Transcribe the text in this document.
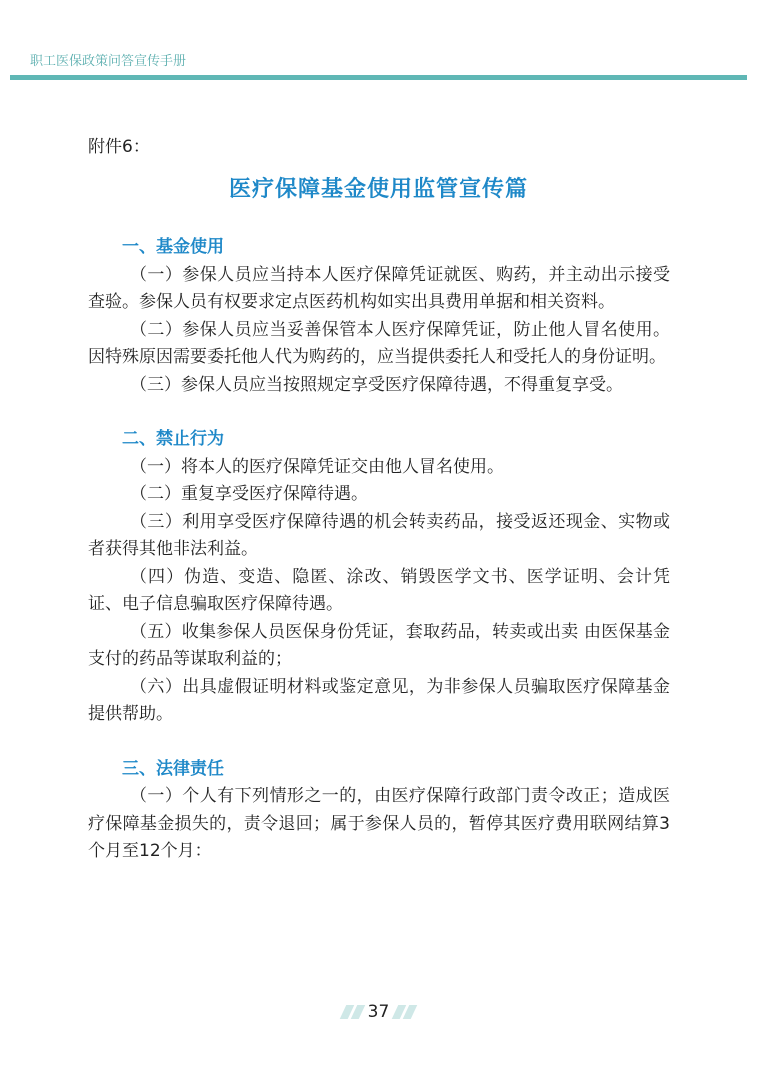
职工医保政策问答宣传手册
附件6：
医疗保障基金使用监管宣传篇

一、基金使用

（一）参保人员应当持本人医疗保障凭证就医、购药，并主动出示接受查验。参保人员有权要求定点医药机构如实出具费用单据和相关资料。

（二）参保人员应当妥善保管本人医疗保障凭证，防止他人冒名使用。因特殊原因需要委托他人代为购药的，应当提供委托人和受托人的身份证明。

（三）参保人员应当按照规定享受医疗保障待遇，不得重复享受。

二、禁止行为

（一）将本人的医疗保障凭证交由他人冒名使用。

（二）重复享受医疗保障待遇。

（三）利用享受医疗保障待遇的机会转卖药品，接受返还现金、实物或者获得其他非法利益。

（四）伪造、变造、隐匿、涂改、销毁医学文书、医学证明、会计凭证、电子信息骗取医疗保障待遇。

（五）收集参保人员医保身份凭证，套取药品，转卖或出卖 由医保基金支付的药品等谋取利益的；

（六）出具虚假证明材料或鉴定意见，为非参保人员骗取医疗保障基金提供帮助。

三、法律责任

（一）个人有下列情形之一的，由医疗保障行政部门责令改正；造成医疗保障基金损失的，责令退回；属于参保人员的，暂停其医疗费用联网结算3个月至12个月：

37
